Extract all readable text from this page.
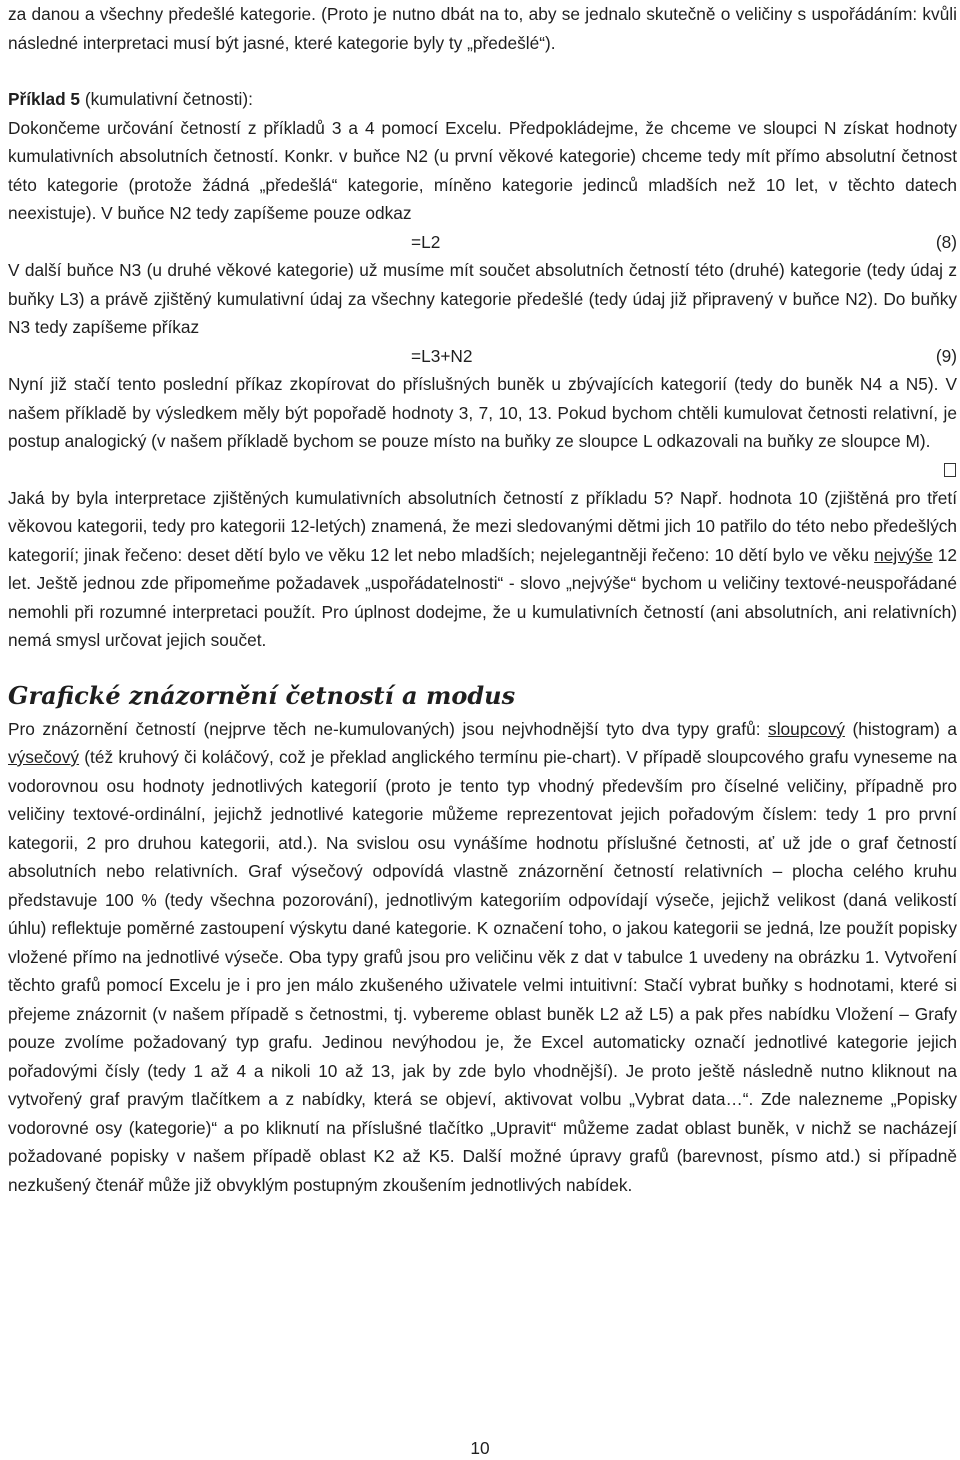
za danou a všechny předešlé kategorie. (Proto je nutno dbát na to, aby se jednalo skutečně o veličiny s uspořádáním: kvůli následné interpretaci musí být jasné, které kategorie byly ty „předešlé“).

Příklad 5 (kumulativní četnosti):

Dokončeme určování četností z příkladů 3 a 4 pomocí Excelu. Předpokládejme, že chceme ve sloupci N získat hodnoty kumulativních absolutních četností. Konkr. v buňce N2 (u první věkové kategorie) chceme tedy mít přímo absolutní četnost této kategorie (protože žádná „předešlá“ kategorie, míněno kategorie jedinců mladších než 10 let, v těchto datech neexistuje). V buňce N2 tedy zapíšeme pouze odkaz

=L2	(8)

V další buňce N3 (u druhé věkové kategorie) už musíme mít součet absolutních četností této (druhé) kategorie (tedy údaj z buňky L3) a právě zjištěný kumulativní údaj za všechny kategorie předešlé (tedy údaj již připravený v buňce N2). Do buňky N3 tedy zapíšeme příkaz

=L3+N2	(9)

Nyní již stačí tento poslední příkaz zkopírovat do příslušných buněk u zbývajících kategorií (tedy do buněk N4 a N5). V našem příkladě by výsledkem měly být popořadě hodnoty 3, 7, 10, 13. Pokud bychom chtěli kumulovat četnosti relativní, je postup analogický (v našem příkladě bychom se pouze místo na buňky ze sloupce L odkazovali na buňky ze sloupce M).

Jaká by byla interpretace zjištěných kumulativních absolutních četností z příkladu 5? Např. hodnota 10 (zjištěná pro třetí věkovou kategorii, tedy pro kategorii 12-letých) znamená, že mezi sledovanými dětmi jich 10 patřilo do této nebo předešlých kategorií; jinak řečeno: deset dětí bylo ve věku 12 let nebo mladších; nejelegantněji řečeno: 10 dětí bylo ve věku nejvýše 12 let. Ještě jednou zde připomeňme požadavek „uspořádatelnosti“ - slovo „nejvýše“ bychom u veličiny textové-neuspořádané nemohli při rozumné interpretaci použít. Pro úplnost dodejme, že u kumulativních četností (ani absolutních, ani relativních) nemá smysl určovat jejich součet.

Grafické znázornění četností a modus

Pro znázornění četností (nejprve těch ne-kumulovaných) jsou nejvhodnější tyto dva typy grafů: sloupcový (histogram) a výsečový (též kruhový či koláčový, což je překlad anglického termínu pie-chart). V případě sloupcového grafu vyneseme na vodorovnou osu hodnoty jednotlivých kategorií (proto je tento typ vhodný především pro číselné veličiny, případně pro veličiny textové-ordinální, jejichž jednotlivé kategorie můžeme reprezentovat jejich pořadovým číslem: tedy 1 pro první kategorii, 2 pro druhou kategorii, atd.). Na svislou osu vynášíme hodnotu příslušné četnosti, ať už jde o graf četností absolutních nebo relativních. Graf výsečový odpovídá vlastně znázornění četností relativních – plocha celého kruhu představuje 100 % (tedy všechna pozorování), jednotlivým kategoriím odpovídají výseče, jejichž velikost (daná velikostí úhlu) reflektuje poměrné zastoupení výskytu dané kategorie. K označení toho, o jakou kategorii se jedná, lze použít popisky vložené přímo na jednotlivé výseče. Oba typy grafů jsou pro veličinu věk z dat v tabulce 1 uvedeny na obrázku 1. Vytvoření těchto grafů pomocí Excelu je i pro jen málo zkušeného uživatele velmi intuitivní: Stačí vybrat buňky s hodnotami, které si přejeme znázornit (v našem případě s četnostmi, tj. vybereme oblast buněk L2 až L5) a pak přes nabídku Vložení – Grafy pouze zvolíme požadovaný typ grafu. Jedinou nevýhodou je, že Excel automaticky označí jednotlivé kategorie jejich pořadovými čísly (tedy 1 až 4 a nikoli 10 až 13, jak by zde bylo vhodnější). Je proto ještě následně nutno kliknout na vytvořený graf pravým tlačítkem a z nabídky, která se objeví, aktivovat volbu „Vybrat data…“. Zde nalezneme „Popisky vodorovné osy (kategorie)“ a po kliknutí na příslušné tlačítko „Upravit“ můžeme zadat oblast buněk, v nichž se nacházejí požadované popisky v našem případě oblast K2 až K5. Další možné úpravy grafů (barevnost, písmo atd.) si případně nezkušený čtenář může již obvyklým postupným zkoušením jednotlivých nabídek.

10
